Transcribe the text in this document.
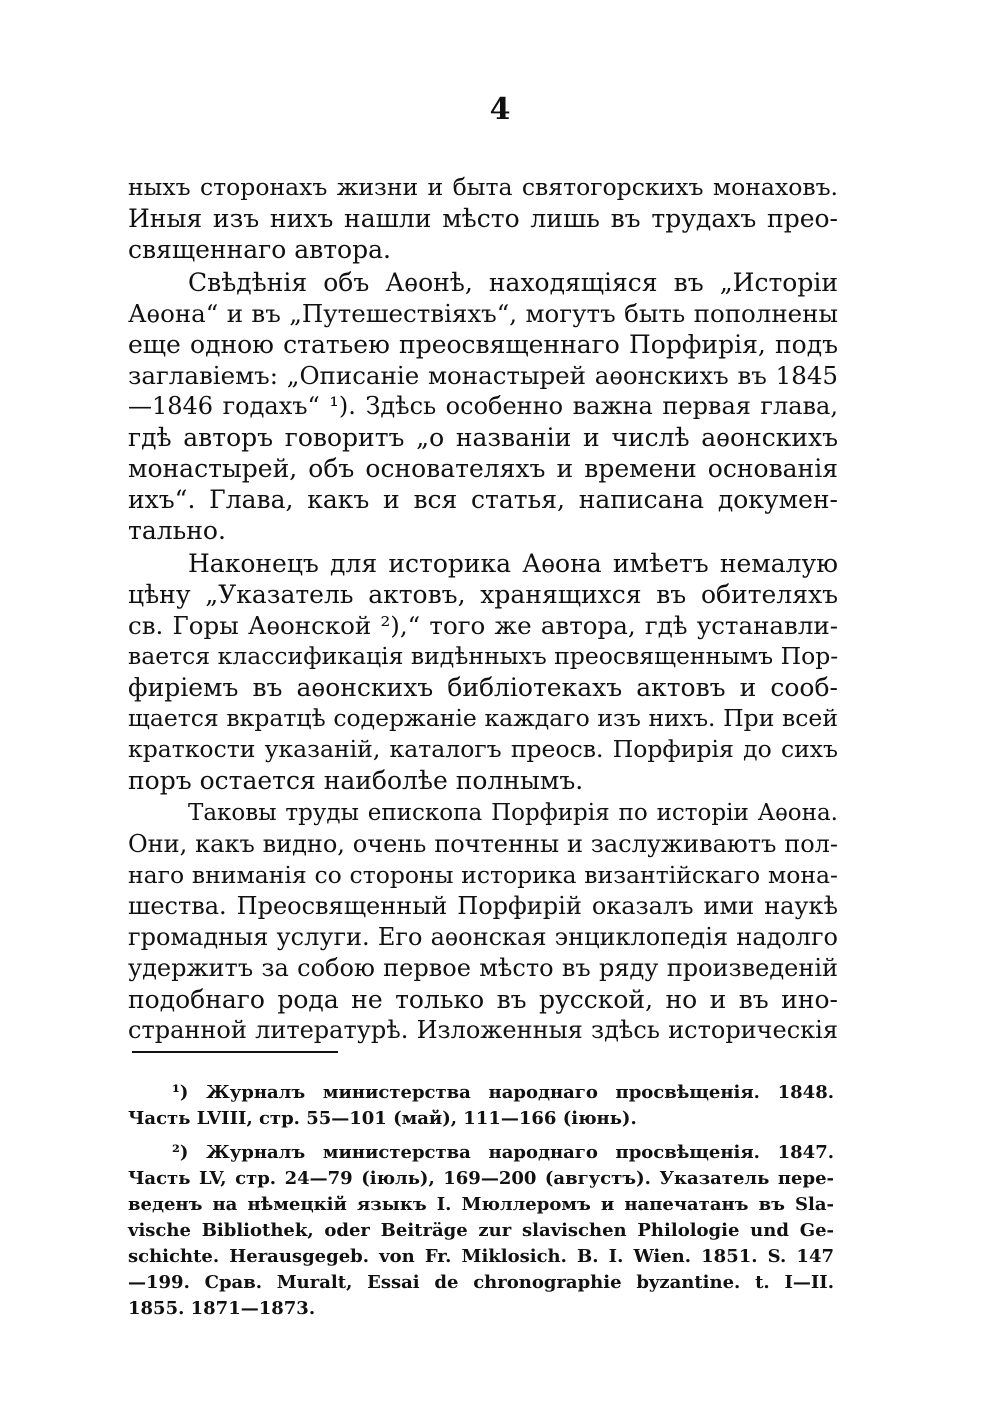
4
ныхъ сторонахъ жизни и быта святогорскихъ монаховъ.
Иныя изъ нихъ нашли мѣсто лишь въ трудахъ прео-
священнаго автора.
Свѣдѣнія объ Аѳонѣ, находящіяся въ „Исторіи
Аѳона“ и въ „Путешествіяхъ“, могутъ быть пополнены
еще одною статьею преосвященнаго Порфирія, подъ
заглавіемъ: „Описаніе монастырей аѳонскихъ въ 1845
—1846 годахъ“ ¹). Здѣсь особенно важна первая глава,
гдѣ авторъ говоритъ „о названіи и числѣ аѳонскихъ
монастырей, объ основателяхъ и времени основанія
ихъ“. Глава, какъ и вся статья, написана докумен-
тально.
Наконецъ для историка Аѳона имѣетъ немалую
цѣну „Указатель актовъ, хранящихся въ обителяхъ
св. Горы Аѳонской ²),“ того же автора, гдѣ устанавли-
вается классификація видѣнныхъ преосвященнымъ Пор-
фиріемъ въ аѳонскихъ библіотекахъ актовъ и сооб-
щается вкратцѣ содержаніе каждаго изъ нихъ. При всей
краткости указаній, каталогъ преосв. Порфирія до сихъ
поръ остается наиболѣе полнымъ.
Таковы труды епископа Порфирія по исторіи Аѳона.
Они, какъ видно, очень почтенны и заслуживаютъ пол-
наго вниманія со стороны историка византійскаго мона-
шества. Преосвященный Порфирій оказалъ ими наукѣ
громадныя услуги. Его аѳонская энциклопедія надолго
удержитъ за собою первое мѣсто въ ряду произведеній
подобнаго рода не только въ русской, но и въ ино-
странной литературѣ. Изложенныя здѣсь историческія
¹) Журналъ министерства народнаго просвѣщенія. 1848.
Часть LVIII, стр. 55—101 (май), 111—166 (іюнь).
²) Журналъ министерства народнаго просвѣщенія. 1847.
Часть LV, стр. 24—79 (іюль), 169—200 (августъ). Указатель пере-
веденъ на нѣмецкій языкъ I. Мюллеромъ и напечатанъ въ Sla-
vische Bibliothek, oder Beiträge zur slavischen Philologie und Ge-
schichte. Herausgegeb. von Fr. Miklosich. B. I. Wien. 1851. S. 147
—199. Срав. Muralt, Essai de chronographie byzantine. t. I—II.
1855. 1871—1873.
